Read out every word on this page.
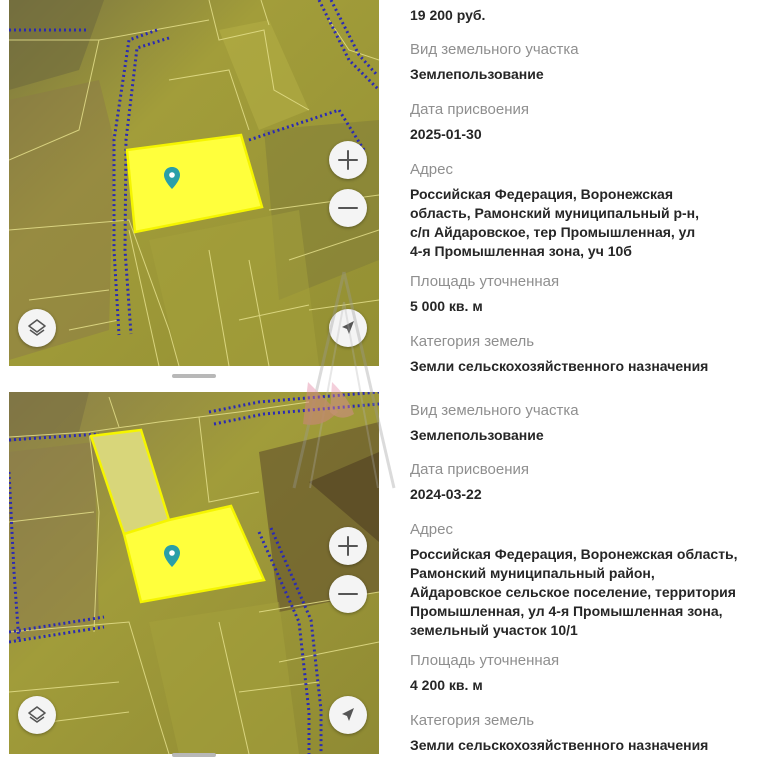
19 200 руб.
Вид земельного участка
Землепользование
Дата присвоения
2025-01-30
Адрес
Российская Федерация, Воронежская область, Рамонский муниципальный р-н, с/п Айдаровское, тер Промышленная, ул 4-я Промышленная зона, уч 10б
Площадь уточненная
5 000 кв. м
Категория земель
Земли сельскохозяйственного назначения
Вид земельного участка
Землепользование
Дата присвоения
2024-03-22
Адрес
Российская Федерация, Воронежская область, Рамонский муниципальный район, Айдаровское сельское поселение, территория Промышленная, ул 4-я Промышленная зона, земельный участок 10/1
Площадь уточненная
4 200 кв. м
Категория земель
Земли сельскохозяйственного назначения
